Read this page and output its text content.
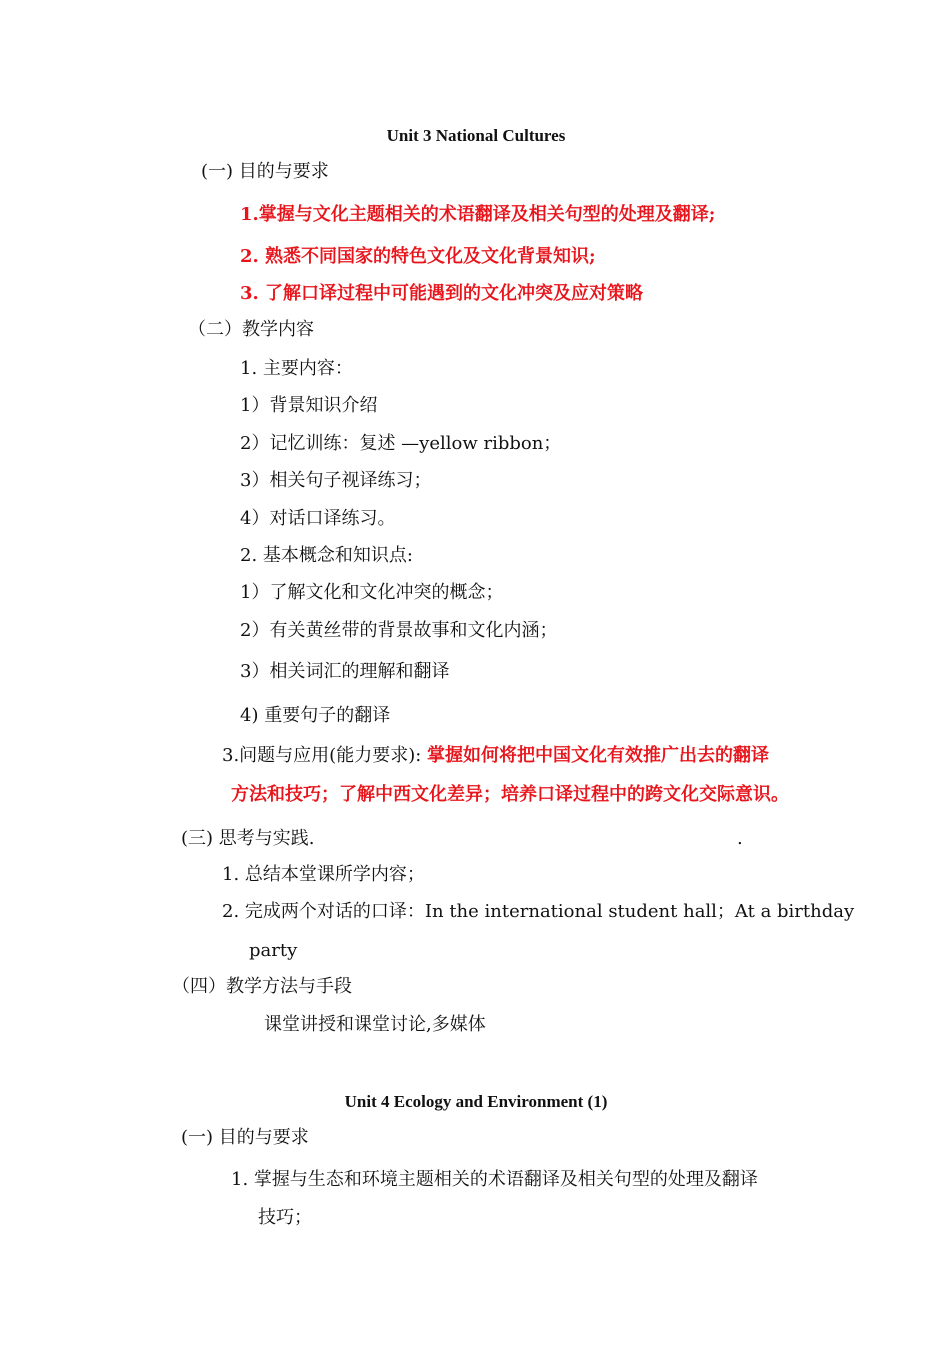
Unit 3 National Cultures
(一) 目的与要求
1.掌握与文化主题相关的术语翻译及相关句型的处理及翻译;
2. 熟悉不同国家的特色文化及文化背景知识;
3. 了解口译过程中可能遇到的文化冲突及应对策略
（二）教学内容
1. 主要内容：
1）背景知识介绍
2）记忆训练：复述 —yellow ribbon；
3）相关句子视译练习；
4）对话口译练习。
2. 基本概念和知识点:
1）了解文化和文化冲突的概念；
2）有关黄丝带的背景故事和文化内涵；
3）相关词汇的理解和翻译
4) 重要句子的翻译
3.问题与应用(能力要求): 掌握如何将把中国文化有效推广出去的翻译
方法和技巧；了解中西文化差异；培养口译过程中的跨文化交际意识。
(三) 思考与实践.	.
1. 总结本堂课所学内容；
2. 完成两个对话的口译：In the international student hall；At a birthday
party
（四）教学方法与手段
课堂讲授和课堂讨论,多媒体
Unit 4 Ecology and Environment (1)
(一) 目的与要求
1. 掌握与生态和环境主题相关的术语翻译及相关句型的处理及翻译
技巧；
